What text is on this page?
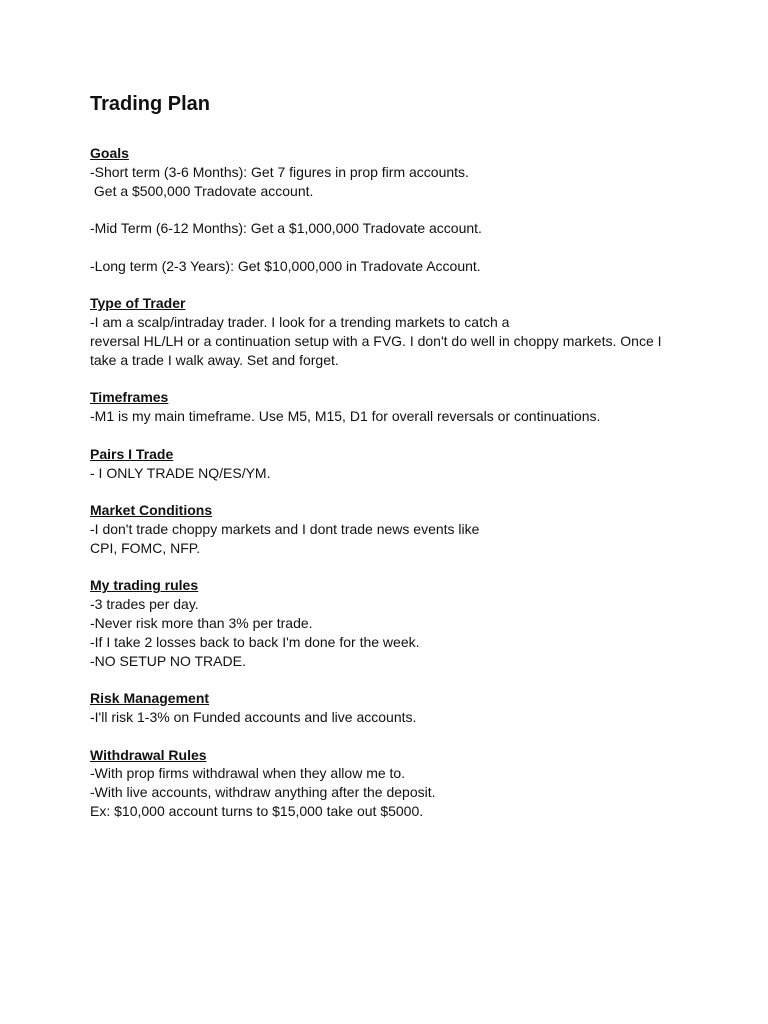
Trading Plan
Goals
-Short term (3-6 Months): Get 7 figures in prop firm accounts.
Get a $500,000 Tradovate account.
-Mid Term (6-12 Months): Get a $1,000,000 Tradovate account.
-Long term (2-3 Years): Get $10,000,000 in Tradovate Account.
Type of Trader
-I am a scalp/intraday trader. I look for a trending markets to catch a
reversal HL/LH or a continuation setup with a FVG. I don't do well in choppy markets. Once I
take a trade I walk away. Set and forget.
Timeframes
-M1 is my main timeframe. Use M5, M15, D1 for overall reversals or continuations.
Pairs I Trade
- I ONLY TRADE NQ/ES/YM.
Market Conditions
-I don't trade choppy markets and I dont trade news events like
CPI, FOMC, NFP.
My trading rules
-3 trades per day.
-Never risk more than 3% per trade.
-If I take 2 losses back to back I'm done for the week.
-NO SETUP NO TRADE.
Risk Management
-I'll risk 1-3% on Funded accounts and live accounts.
Withdrawal Rules
-With prop firms withdrawal when they allow me to.
-With live accounts, withdraw anything after the deposit.
Ex: $10,000 account turns to $15,000 take out $5000.
